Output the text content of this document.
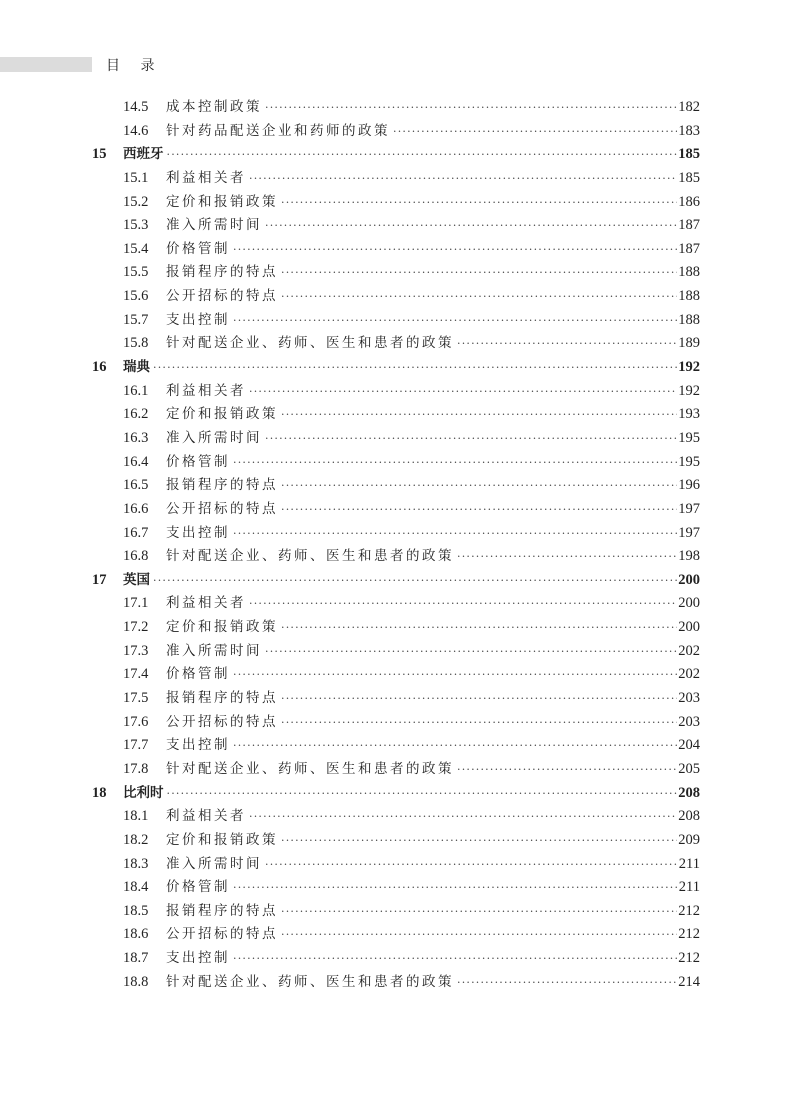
目 录
14.5	成本控制政策 ·····	182
14.6	针对药品配送企业和药师的政策 ·····	183
15	西班牙 ·····	185
15.1	利益相关者 ·····	185
15.2	定价和报销政策 ·····	186
15.3	准入所需时间 ·····	187
15.4	价格管制 ·····	187
15.5	报销程序的特点 ·····	188
15.6	公开招标的特点 ·····	188
15.7	支出控制 ·····	188
15.8	针对配送企业、药师、医生和患者的政策 ·····	189
16	瑞典 ·····	192
16.1	利益相关者 ·····	192
16.2	定价和报销政策 ·····	193
16.3	准入所需时间 ·····	195
16.4	价格管制 ·····	195
16.5	报销程序的特点 ·····	196
16.6	公开招标的特点 ·····	197
16.7	支出控制 ·····	197
16.8	针对配送企业、药师、医生和患者的政策 ·····	198
17	英国 ·····	200
17.1	利益相关者 ·····	200
17.2	定价和报销政策 ·····	200
17.3	准入所需时间 ·····	202
17.4	价格管制 ·····	202
17.5	报销程序的特点 ·····	203
17.6	公开招标的特点 ·····	203
17.7	支出控制 ·····	204
17.8	针对配送企业、药师、医生和患者的政策 ·····	205
18	比利时 ·····	208
18.1	利益相关者 ·····	208
18.2	定价和报销政策 ·····	209
18.3	准入所需时间 ·····	211
18.4	价格管制 ·····	211
18.5	报销程序的特点 ·····	212
18.6	公开招标的特点 ·····	212
18.7	支出控制 ·····	212
18.8	针对配送企业、药师、医生和患者的政策 ·····	214
